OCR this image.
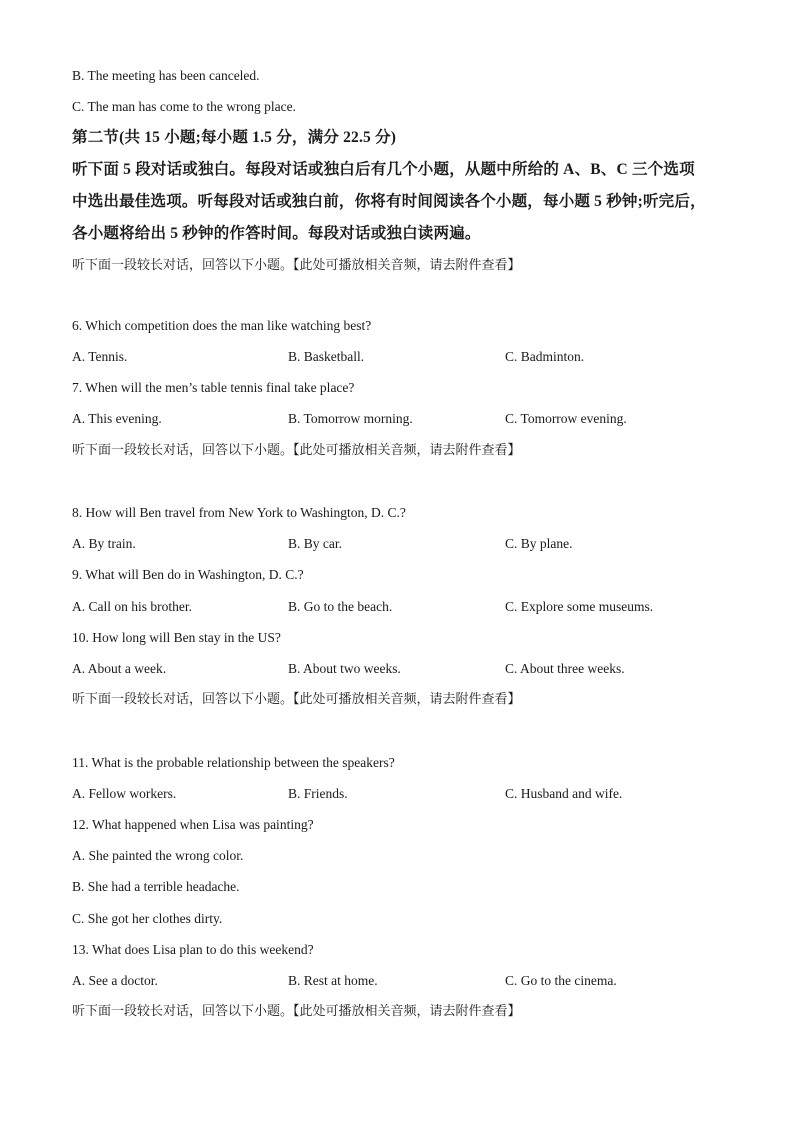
B. The meeting has been canceled.
C. The man has come to the wrong place.
第二节(共 15 小题;每小题 1.5 分，满分 22.5 分)
听下面 5 段对话或独白。每段对话或独白后有几个小题，从题中所给的 A、B、C 三个选项
中选出最佳选项。听每段对话或独白前，你将有时间阅读各个小题，每小题 5 秒钟;听完后，
各小题将给出 5 秒钟的作答时间。每段对话或独白读两遍。
听下面一段较长对话，回答以下小题。【此处可播放相关音频，请去附件查看】
6. Which competition does the man like watching best?
A. Tennis.	B. Basketball.	C. Badminton.
7. When will the men’s table tennis final take place?
A. This evening.	B. Tomorrow morning.	C. Tomorrow evening.
听下面一段较长对话，回答以下小题。【此处可播放相关音频，请去附件查看】
8. How will Ben travel from New York to Washington, D. C.?
A. By train.	B. By car.	C. By plane.
9. What will Ben do in Washington, D. C.?
A. Call on his brother.	B. Go to the beach.	C. Explore some museums.
10. How long will Ben stay in the US?
A. About a week.	B. About two weeks.	C. About three weeks.
听下面一段较长对话，回答以下小题。【此处可播放相关音频，请去附件查看】
11. What is the probable relationship between the speakers?
A. Fellow workers.	B. Friends.	C. Husband and wife.
12. What happened when Lisa was painting?
A. She painted the wrong color.
B. She had a terrible headache.
C. She got her clothes dirty.
13. What does Lisa plan to do this weekend?
A. See a doctor.	B. Rest at home.	C. Go to the cinema.
听下面一段较长对话，回答以下小题。【此处可播放相关音频，请去附件查看】
